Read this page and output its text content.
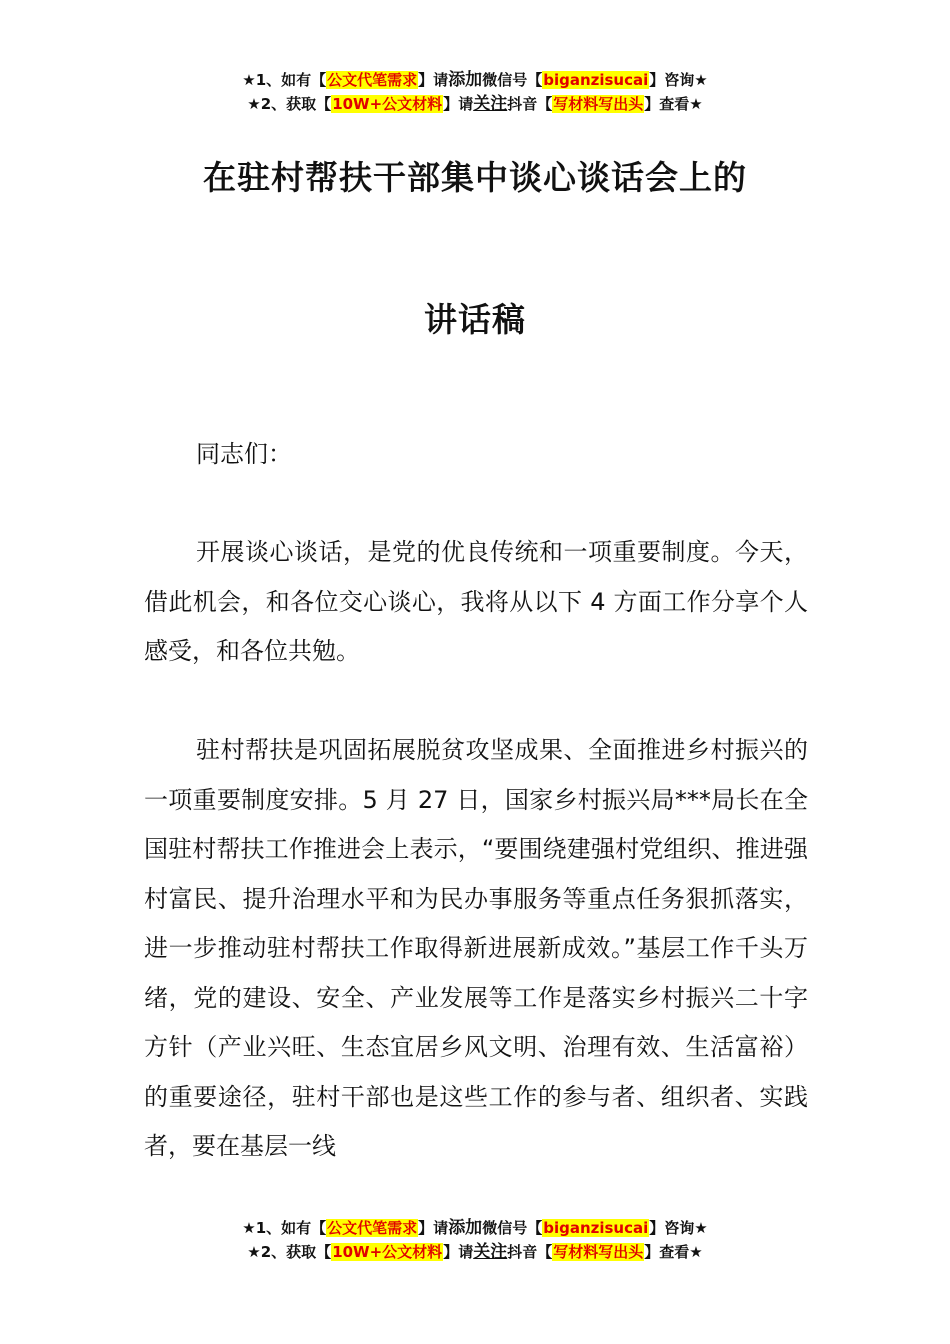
★1、如有【公文代笔需求】请添加微信号【biganzisucai】咨询★
★2、获取【10W+公文材料】请关注抖音【写材料写出头】查看★
在驻村帮扶干部集中谈心谈话会上的
讲话稿

同志们：

开展谈心谈话，是党的优良传统和一项重要制度。今天，借此机会，和各位交心谈心，我将从以下 4 方面工作分享个人感受，和各位共勉。

驻村帮扶是巩固拓展脱贫攻坚成果、全面推进乡村振兴的一项重要制度安排。5 月 27 日，国家乡村振兴局***局长在全国驻村帮扶工作推进会上表示，“要围绕建强村党组织、推进强村富民、提升治理水平和为民办事服务等重点任务狠抓落实，进一步推动驻村帮扶工作取得新进展新成效。”基层工作千头万绪，党的建设、安全、产业发展等工作是落实乡村振兴二十字方针（产业兴旺、生态宜居乡风文明、治理有效、生活富裕）的重要途径，驻村干部也是这些工作的参与者、组织者、实践者，要在基层一线

★1、如有【公文代笔需求】请添加微信号【biganzisucai】咨询★
★2、获取【10W+公文材料】请关注抖音【写材料写出头】查看★
